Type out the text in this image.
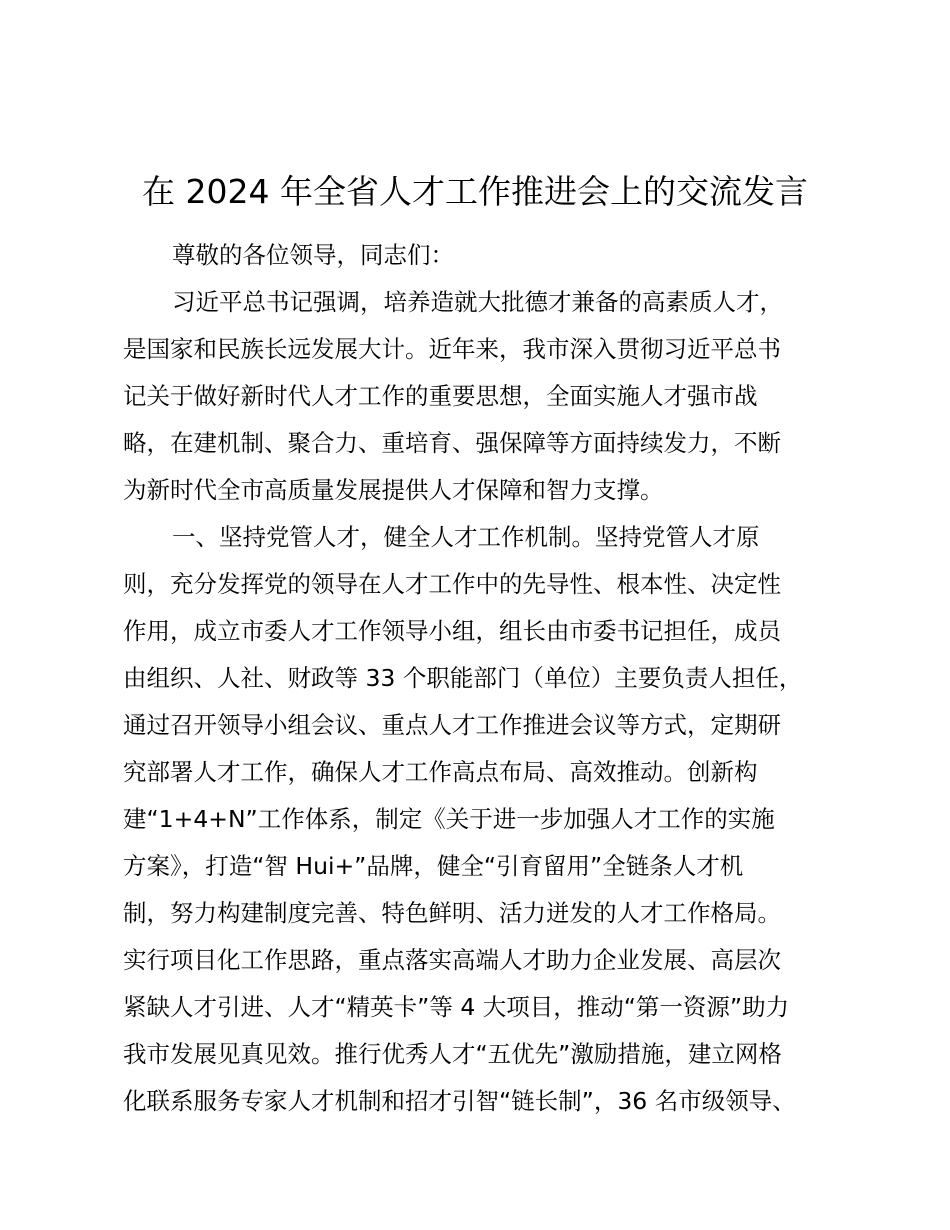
在 2024 年全省人才工作推进会上的交流发言
尊敬的各位领导，同志们：
习近平总书记强调，培养造就大批德才兼备的高素质人才，
是国家和民族长远发展大计。近年来，我市深入贯彻习近平总书
记关于做好新时代人才工作的重要思想，全面实施人才强市战
略，在建机制、聚合力、重培育、强保障等方面持续发力，不断
为新时代全市高质量发展提供人才保障和智力支撑。
一、坚持党管人才，健全人才工作机制。坚持党管人才原
则，充分发挥党的领导在人才工作中的先导性、根本性、决定性
作用，成立市委人才工作领导小组，组长由市委书记担任，成员
由组织、人社、财政等 33 个职能部门（单位）主要负责人担任，
通过召开领导小组会议、重点人才工作推进会议等方式，定期研
究部署人才工作，确保人才工作高点布局、高效推动。创新构
建“1+4+N”工作体系，制定《关于进一步加强人才工作的实施
方案》，打造“智 Hui+”品牌，健全“引育留用”全链条人才机
制，努力构建制度完善、特色鲜明、活力迸发的人才工作格局。
实行项目化工作思路，重点落实高端人才助力企业发展、高层次
紧缺人才引进、人才“精英卡”等 4 大项目，推动“第一资源”助力
我市发展见真见效。推行优秀人才“五优先”激励措施，建立网格
化联系服务专家人才机制和招才引智“链长制”，36 名市级领导、
